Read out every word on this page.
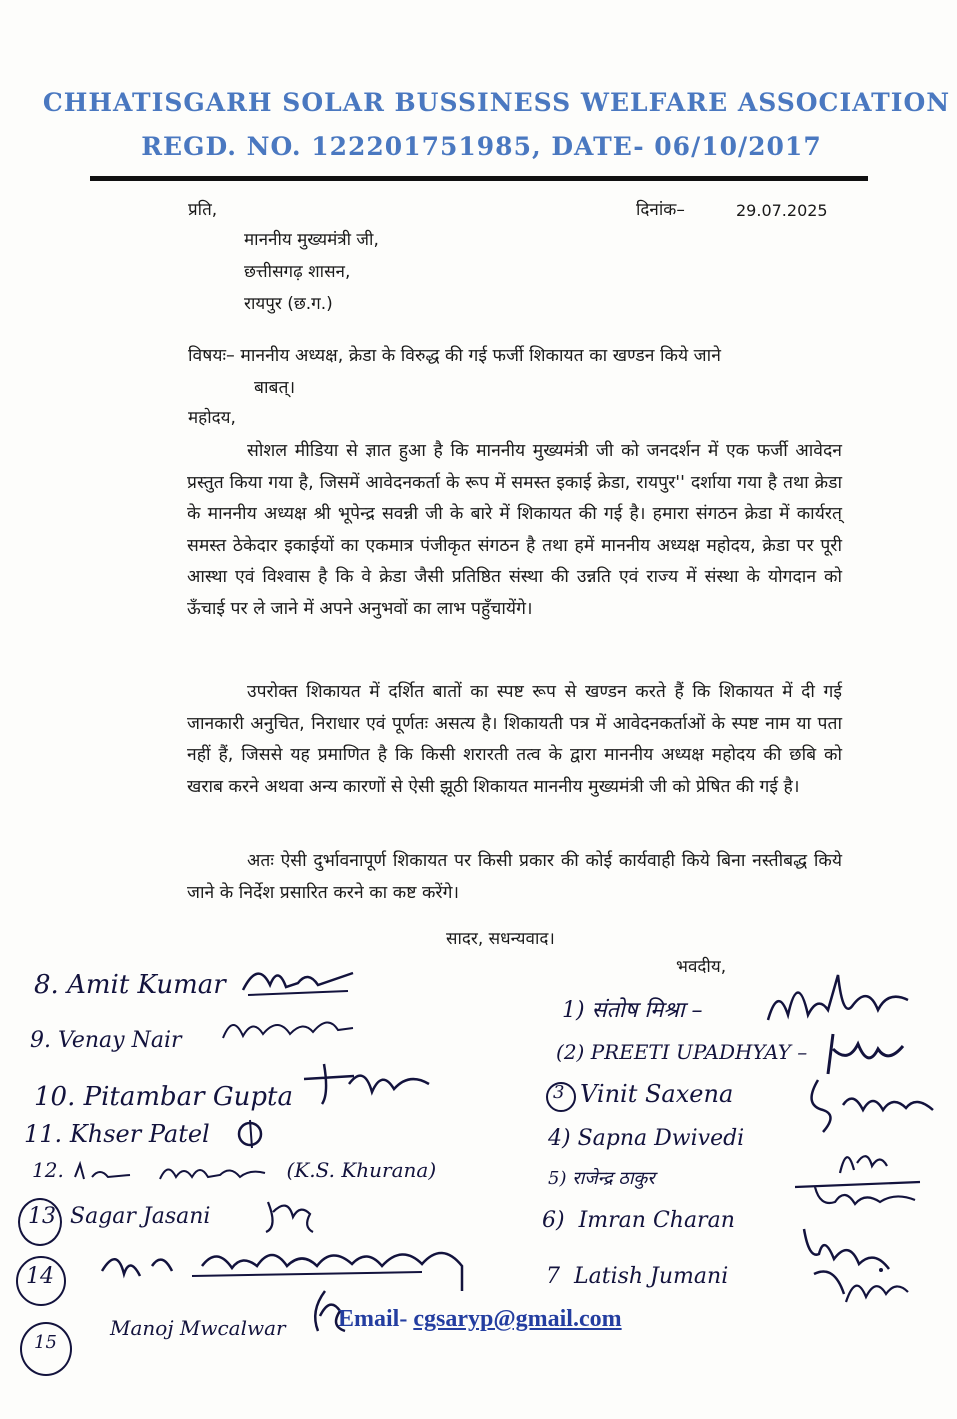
CHHATISGARH SOLAR BUSSINESS WELFARE ASSOCIATION
REGD. NO. 122201751985, DATE- 06/10/2017
प्रति,	दिनांक–	29.07.2025
माननीय मुख्यमंत्री जी,
छत्तीसगढ़ शासन,
रायपुर (छ.ग.)
विषयः– माननीय अध्यक्ष, क्रेडा के विरुद्ध की गई फर्जी शिकायत का खण्डन किये जाने
बाबत्।
महोदय,
सोशल मीडिया से ज्ञात हुआ है कि माननीय मुख्यमंत्री जी को जनदर्शन में एक फर्जी आवेदन प्रस्तुत किया गया है, जिसमें आवेदनकर्ता के रूप में समस्त इकाई क्रेडा, रायपुर'' दर्शाया गया है तथा क्रेडा के माननीय अध्यक्ष श्री भूपेन्द्र सवन्नी जी के बारे में शिकायत की गई है। हमारा संगठन क्रेडा में कार्यरत् समस्त ठेकेदार इकाईयों का एकमात्र पंजीकृत संगठन है तथा हमें माननीय अध्यक्ष महोदय, क्रेडा पर पूरी आस्था एवं विश्वास है कि वे क्रेडा जैसी प्रतिष्ठित संस्था की उन्नति एवं राज्य में संस्था के योगदान को ऊँचाई पर ले जाने में अपने अनुभवों का लाभ पहुँचायेंगे।
उपरोक्त शिकायत में दर्शित बातों का स्पष्ट रूप से खण्डन करते हैं कि शिकायत में दी गई जानकारी अनुचित, निराधार एवं पूर्णतः असत्य है। शिकायती पत्र में आवेदनकर्ताओं के स्पष्ट नाम या पता नहीं हैं, जिससे यह प्रमाणित है कि किसी शरारती तत्व के द्वारा माननीय अध्यक्ष महोदय की छबि को खराब करने अथवा अन्य कारणों से ऐसी झूठी शिकायत माननीय मुख्यमंत्री जी को प्रेषित की गई है।
अतः ऐसी दुर्भावनापूर्ण शिकायत पर किसी प्रकार की कोई कार्यवाही किये बिना नस्तीबद्ध किये जाने के निर्देश प्रसारित करने का कष्ट करेंगे।
सादर, सधन्यवाद।
भवदीय,
8. Amit Kumar
9. Venay Nair
10. Pitambar Gupta
11. Khser Patel
12.	(K.S. Khurana)
13 Sagar Jasani
14
15
Manoj Mwcalwar
1) संतोष मिश्रा –
(2) PREETI UPADHYAY –
3 Vinit Saxena
4) Sapna Dwivedi
5) राजेन्द्र ठाकुर
6) Imran Charan
7 Latish Jumani
Email- cgsaryp@gmail.com
